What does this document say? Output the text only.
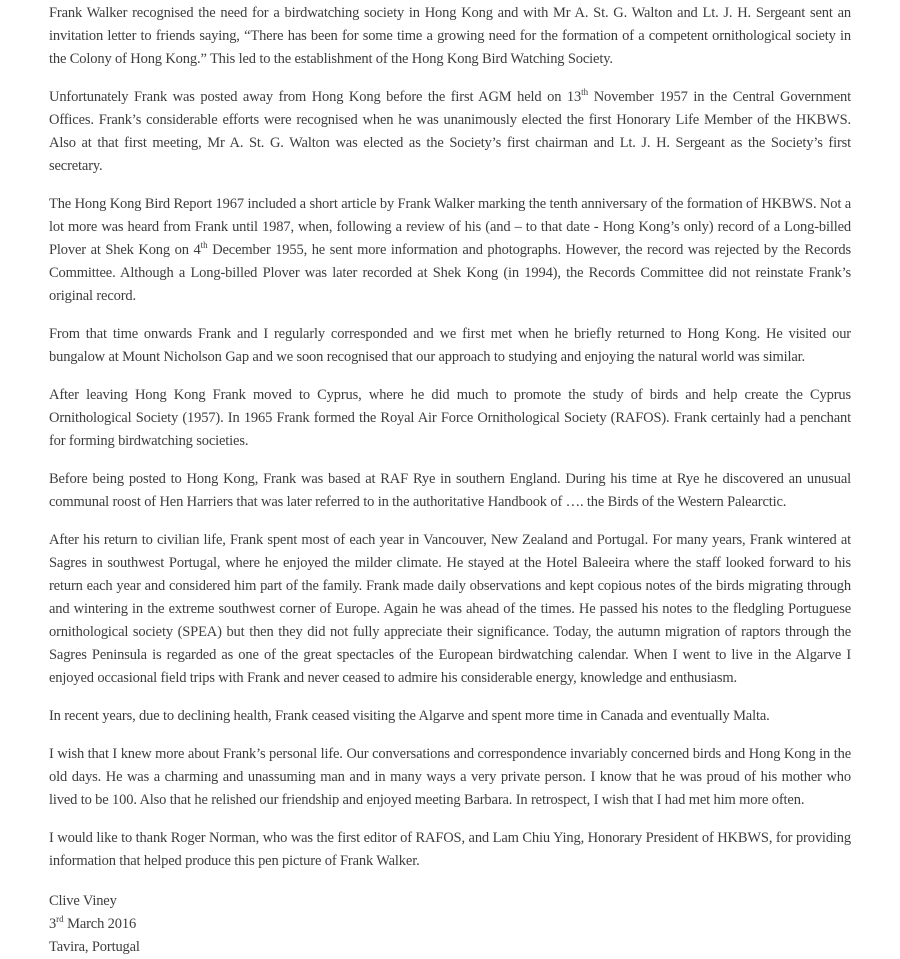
Frank Walker recognised the need for a birdwatching society in Hong Kong and with Mr A. St. G. Walton and Lt. J. H. Sergeant sent an invitation letter to friends saying, “There has been for some time a growing need for the formation of a competent ornithological society in the Colony of Hong Kong.” This led to the establishment of the Hong Kong Bird Watching Society.

Unfortunately Frank was posted away from Hong Kong before the first AGM held on 13th November 1957 in the Central Government Offices. Frank’s considerable efforts were recognised when he was unanimously elected the first Honorary Life Member of the HKBWS. Also at that first meeting, Mr A. St. G. Walton was elected as the Society’s first chairman and Lt. J. H. Sergeant as the Society’s first secretary.

The Hong Kong Bird Report 1967 included a short article by Frank Walker marking the tenth anniversary of the formation of HKBWS. Not a lot more was heard from Frank until 1987, when, following a review of his (and – to that date - Hong Kong’s only) record of a Long-billed Plover at Shek Kong on 4th December 1955, he sent more information and photographs. However, the record was rejected by the Records Committee. Although a Long-billed Plover was later recorded at Shek Kong (in 1994), the Records Committee did not reinstate Frank’s original record.

From that time onwards Frank and I regularly corresponded and we first met when he briefly returned to Hong Kong. He visited our bungalow at Mount Nicholson Gap and we soon recognised that our approach to studying and enjoying the natural world was similar.

After leaving Hong Kong Frank moved to Cyprus, where he did much to promote the study of birds and help create the Cyprus Ornithological Society (1957). In 1965 Frank formed the Royal Air Force Ornithological Society (RAFOS). Frank certainly had a penchant for forming birdwatching societies.

Before being posted to Hong Kong, Frank was based at RAF Rye in southern England. During his time at Rye he discovered an unusual communal roost of Hen Harriers that was later referred to in the authoritative Handbook of …. the Birds of the Western Palearctic.

After his return to civilian life, Frank spent most of each year in Vancouver, New Zealand and Portugal. For many years, Frank wintered at Sagres in southwest Portugal, where he enjoyed the milder climate. He stayed at the Hotel Baleeira where the staff looked forward to his return each year and considered him part of the family. Frank made daily observations and kept copious notes of the birds migrating through and wintering in the extreme southwest corner of Europe. Again he was ahead of the times. He passed his notes to the fledgling Portuguese ornithological society (SPEA) but then they did not fully appreciate their significance. Today, the autumn migration of raptors through the Sagres Peninsula is regarded as one of the great spectacles of the European birdwatching calendar. When I went to live in the Algarve I enjoyed occasional field trips with Frank and never ceased to admire his considerable energy, knowledge and enthusiasm.

In recent years, due to declining health, Frank ceased visiting the Algarve and spent more time in Canada and eventually Malta.

I wish that I knew more about Frank’s personal life. Our conversations and correspondence invariably concerned birds and Hong Kong in the old days. He was a charming and unassuming man and in many ways a very private person. I know that he was proud of his mother who lived to be 100. Also that he relished our friendship and enjoyed meeting Barbara. In retrospect, I wish that I had met him more often.

I would like to thank Roger Norman, who was the first editor of RAFOS, and Lam Chiu Ying, Honorary President of HKBWS, for providing information that helped produce this pen picture of Frank Walker.

Clive Viney
3rd March 2016
Tavira, Portugal
